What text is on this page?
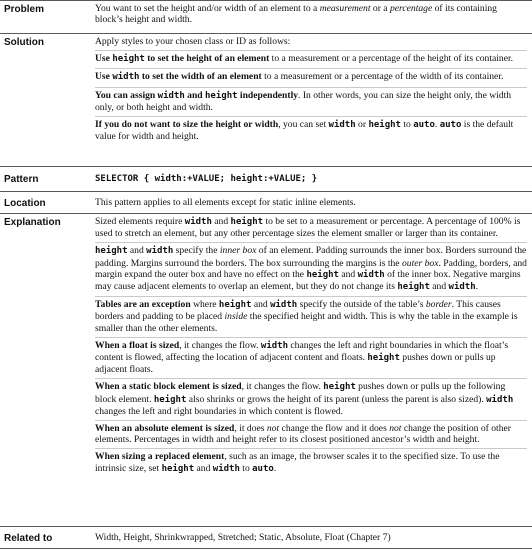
Problem	You want to set the height and/or width of an element to a measurement or a percentage of its containing block’s height and width.

Solution	Apply styles to your chosen class or ID as follows:

Use height to set the height of an element to a measurement or a percentage of the height of its container.

Use width to set the width of an element to a measurement or a percentage of the width of its container.

You can assign width and height independently. In other words, you can size the height only, the width only, or both height and width.

If you do not want to size the height or width, you can set width or height to auto. auto is the default value for width and height.

Pattern	SELECTOR { width:+VALUE; height:+VALUE; }
Location	This pattern applies to all elements except for static inline elements.
Explanation	Sized elements require width and height to be set to a measurement or percentage. A percentage of 100% is used to stretch an element, but any other percentage sizes the element smaller or larger than its container.

height and width specify the inner box of an element. Padding surrounds the inner box. Borders surround the padding. Margins surround the borders. The box surrounding the margins is the outer box. Padding, borders, and margin expand the outer box and have no effect on the height and width of the inner box. Negative margins may cause adjacent elements to overlap an element, but they do not change its height and width.

Tables are an exception where height and width specify the outside of the table’s border. This causes borders and padding to be placed inside the specified height and width. This is why the table in the example is smaller than the other elements.

When a float is sized, it changes the flow. width changes the left and right boundaries in which the float’s content is flowed, affecting the location of adjacent content and floats. height pushes down or pulls up adjacent floats.

When a static block element is sized, it changes the flow. height pushes down or pulls up the following block element. height also shrinks or grows the height of its parent (unless the parent is also sized). width changes the left and right boundaries in which content is flowed.

When an absolute element is sized, it does not change the flow and it does not change the position of other elements. Percentages in width and height refer to its closest positioned ancestor’s width and height.

When sizing a replaced element, such as an image, the browser scales it to the specified size. To use the intrinsic size, set height and width to auto.

Related to	Width, Height, Shrinkwrapped, Stretched; Static, Absolute, Float (Chapter 7)
